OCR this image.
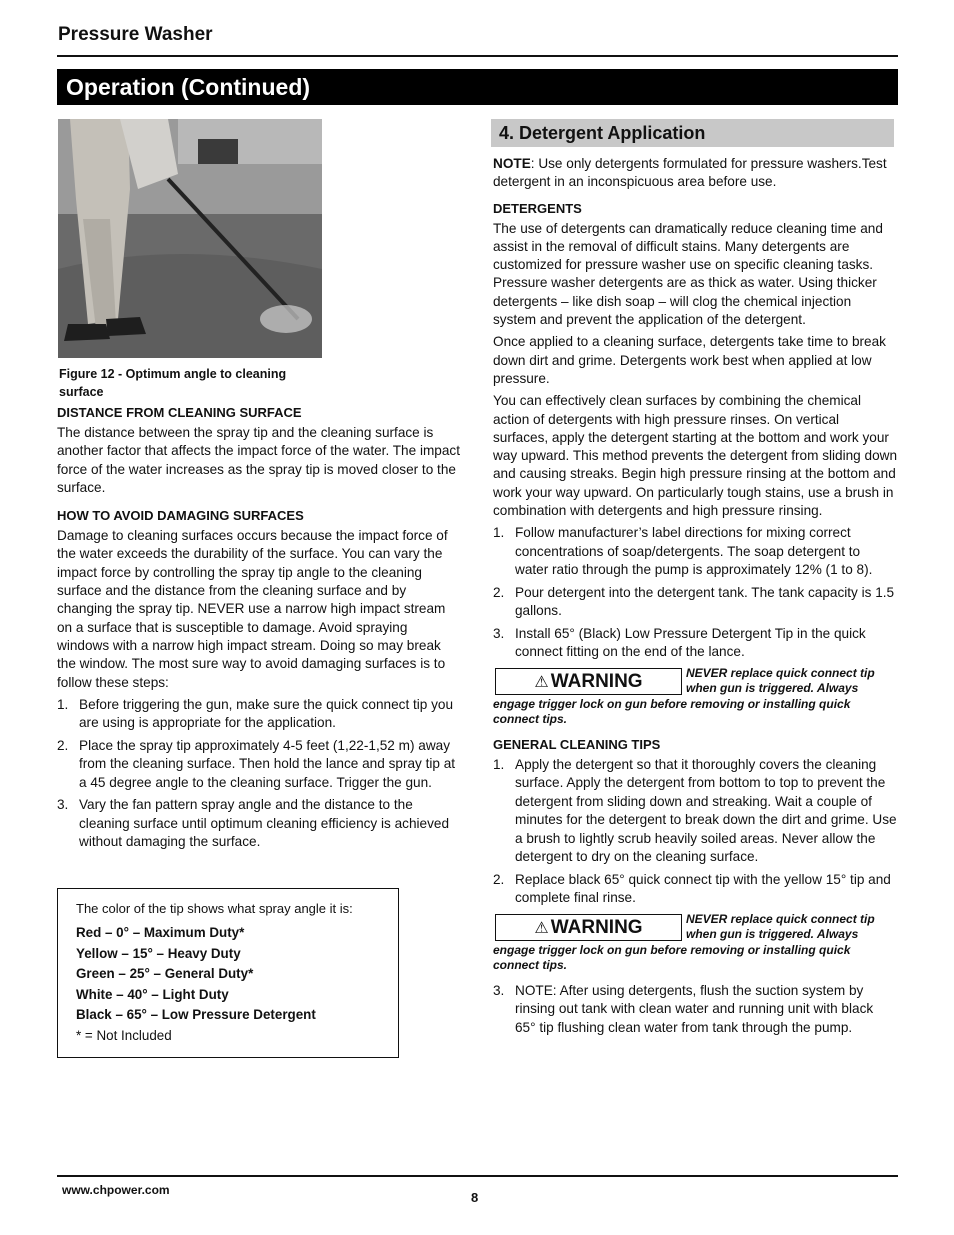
Pressure Washer
Operation (Continued)
Figure 12 - Optimum angle to cleaning surface
DISTANCE FROM CLEANING SURFACE

The distance between the spray tip and the cleaning surface is another factor that affects the impact force of the water. The impact force of the water increases as the spray tip is moved closer to the surface.

HOW TO AVOID DAMAGING SURFACES

Damage to cleaning surfaces occurs because the impact force of the water exceeds the durability of the surface. You can vary the impact force by controlling the spray tip angle to the cleaning surface and the distance from the cleaning surface and by changing the spray tip. NEVER use a narrow high impact stream on a surface that is susceptible to damage. Avoid spraying windows with a narrow high impact stream. Doing so may break the window. The most sure way to avoid damaging surfaces is to follow these steps:

1. Before triggering the gun, make sure the quick connect tip you are using is appropriate for the application.
2. Place the spray tip approximately 4-5 feet (1,22-1,52 m) away from the cleaning surface. Then hold the lance and spray tip at a 45 degree angle to the cleaning surface. Trigger the gun.
3. Vary the fan pattern spray angle and the distance to the cleaning surface until optimum cleaning efficiency is achieved without damaging the surface.

The color of the tip shows what spray angle it is:

Red – 0° – Maximum Duty*
Yellow – 15° – Heavy Duty
Green – 25° – General Duty*
White – 40° – Light Duty
Black – 65° – Low Pressure Detergent
* = Not Included
4. Detergent Application

NOTE: Use only detergents formulated for pressure washers.Test detergent in an inconspicuous area before use.

DETERGENTS

The use of detergents can dramatically reduce cleaning time and assist in the removal of difficult stains. Many detergents are customized for pressure washer use on specific cleaning tasks. Pressure washer detergents are as thick as water. Using thicker detergents – like dish soap – will clog the chemical injection system and prevent the application of the detergent.

Once applied to a cleaning surface, detergents take time to break down dirt and grime. Detergents work best when applied at low pressure.

You can effectively clean surfaces by combining the chemical action of detergents with high pressure rinses. On vertical surfaces, apply the detergent starting at the bottom and work your way upward. This method prevents the detergent from sliding down and causing streaks. Begin high pressure rinsing at the bottom and work your way upward. On particularly tough stains, use a brush in combination with detergents and high pressure rinsing.

1. Follow manufacturer’s label directions for mixing correct concentrations of soap/detergents. The soap detergent to water ratio through the pump is approximately 12% (1 to 8).
2. Pour detergent into the detergent tank. The tank capacity is 1.5 gallons.
3. Install 65° (Black) Low Pressure Detergent Tip in the quick connect fitting on the end of the lance.
⚠ WARNING	NEVER replace quick connect tip when gun is triggered. Always engage trigger lock on gun before removing or installing quick connect tips.
GENERAL CLEANING TIPS
1. Apply the detergent so that it thoroughly covers the cleaning surface. Apply the detergent from bottom to top to prevent the detergent from sliding down and streaking. Wait a couple of minutes for the detergent to break down the dirt and grime. Use a brush to lightly scrub heavily soiled areas. Never allow the detergent to dry on the cleaning surface.
2. Replace black 65° quick connect tip with the yellow 15° tip and complete final rinse.
⚠ WARNING	NEVER replace quick connect tip when gun is triggered. Always engage trigger lock on gun before removing or installing quick connect tips.
3. NOTE: After using detergents, flush the suction system by rinsing out tank with clean water and running unit with black 65° tip flushing clean water from tank through the pump.
www.chpower.com	8
